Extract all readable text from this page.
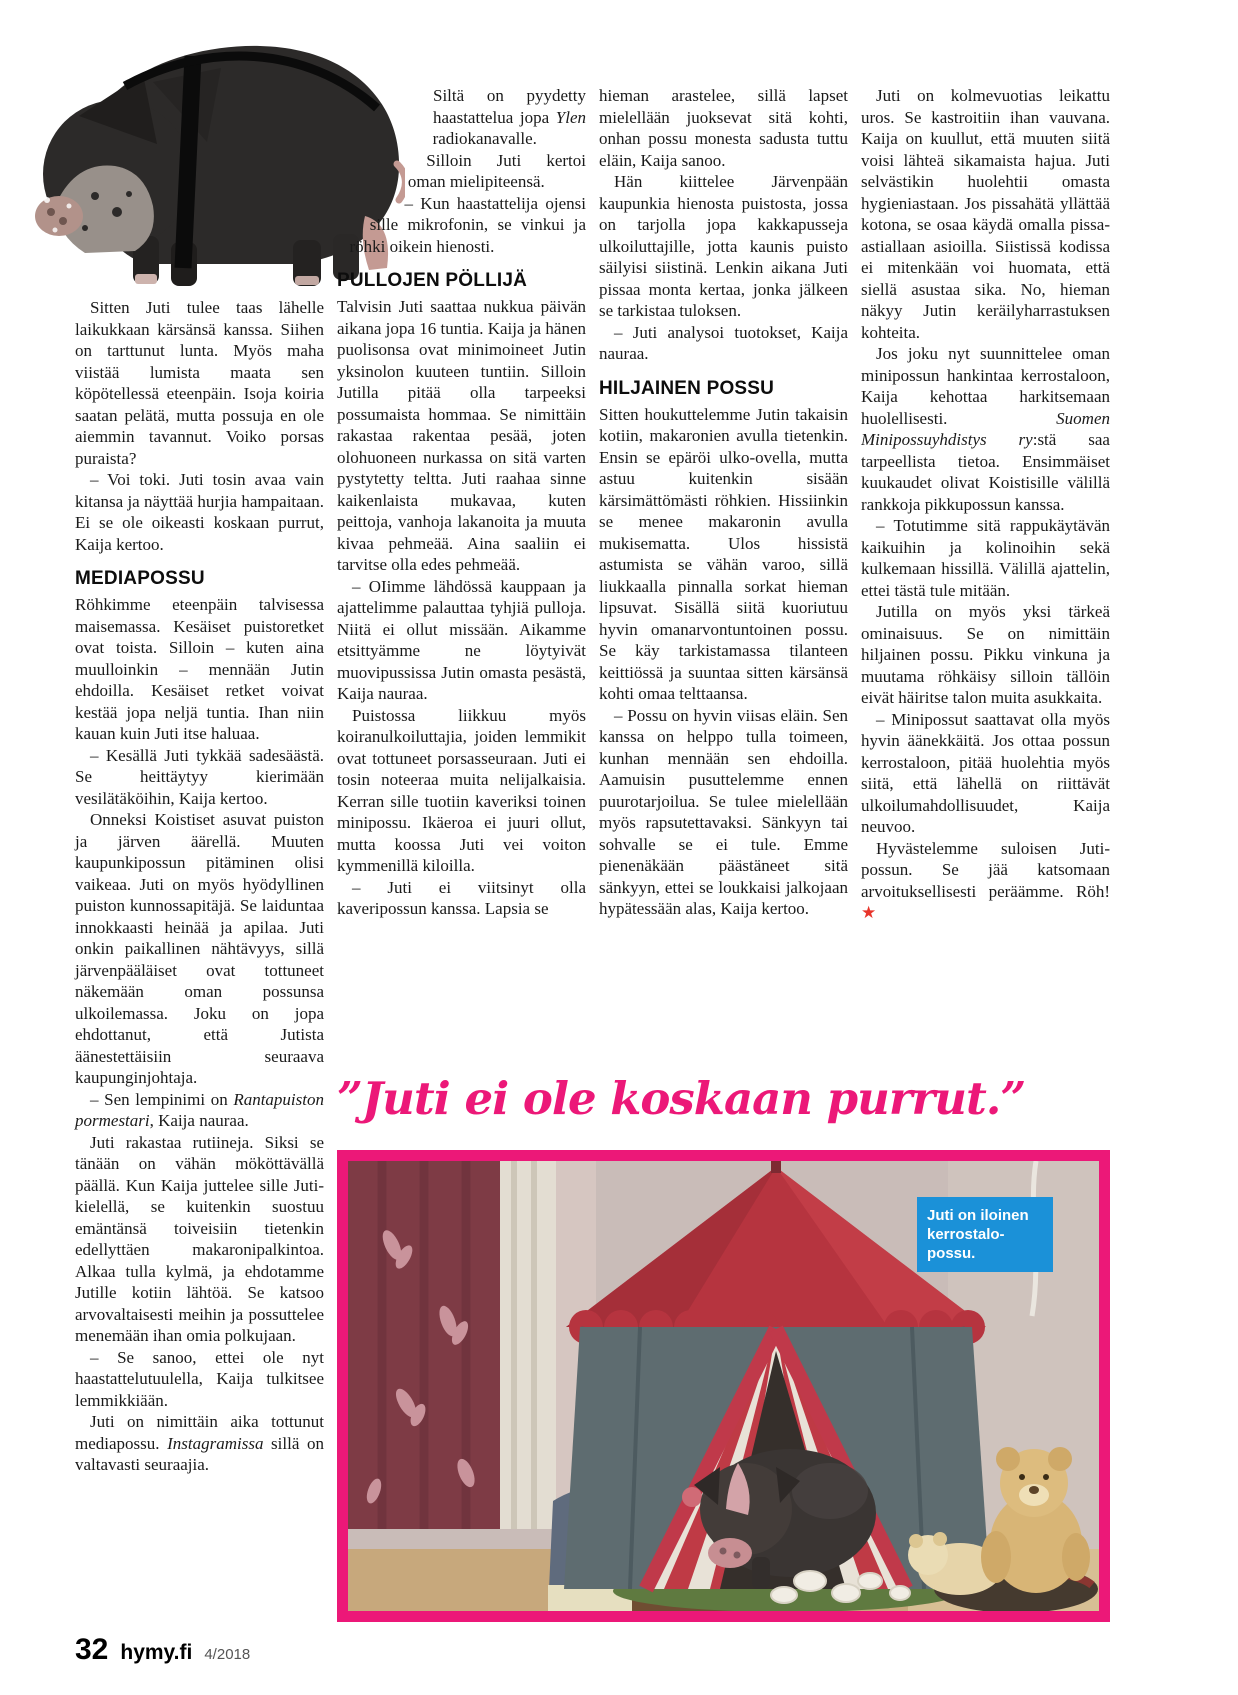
Sitten Juti tulee taas lähelle laikukkaan kärsänsä kanssa. Siihen on tarttunut lunta. Myös maha viistää lumista maata sen köpötellessä eteenpäin. Isoja koiria saatan pelätä, mutta possuja en ole aiemmin tavannut. Voiko porsas puraista?

– Voi toki. Juti tosin avaa vain kitansa ja näyttää hurjia hampaitaan. Ei se ole oikeasti koskaan purrut, Kaija kertoo.

MEDIAPOSSU

Röhkimme eteenpäin talvisessa maisemassa. Kesäiset puistoretket ovat toista. Silloin – kuten aina muulloinkin – mennään Jutin ehdoilla. Kesäiset retket voivat kestää jopa neljä tuntia. Ihan niin kauan kuin Juti itse haluaa.

– Kesällä Juti tykkää sadesäästä. Se heittäytyy kierimään vesilätäköihin, Kaija kertoo.

Onneksi Koistiset asuvat puiston ja järven äärellä. Muuten kaupunkipossun pitäminen olisi vaikeaa. Juti on myös hyödyllinen puiston kunnossapitäjä. Se laiduntaa innokkaasti heinää ja apilaa. Juti onkin paikallinen nähtävyys, sillä järvenpääläiset ovat tottuneet näkemään oman possunsa ulkoilemassa. Joku on jopa ehdottanut, että Jutista äänestettäisiin seuraava kaupunginjohtaja.

– Sen lempinimi on Rantapuiston pormestari, Kaija nauraa.

Juti rakastaa rutiineja. Siksi se tänään on vähän mököttävällä päällä. Kun Kaija juttelee sille Juti-kielellä, se kuitenkin suostuu emäntänsä toiveisiin tietenkin edellyttäen makaronipalkintoa. Alkaa tulla kylmä, ja ehdotamme Jutille kotiin lähtöä. Se katsoo arvovaltaisesti meihin ja possuttelee menemään ihan omia polkujaan.

– Se sanoo, ettei ole nyt haastattelutuulella, Kaija tulkitsee lemmikkiään.

Juti on nimittäin aika tottunut mediapossu. Instagramissa sillä on valtavasti seuraajia.

Siltä on pyydetty haastattelua jopa Ylen radiokanavalle. Silloin Juti kertoi oman mielipiteensä.

– Kun haastattelija ojensi sille mikrofonin, se vinkui ja röhki oikein hienosti.

PULLOJEN PÖLLIJÄ

Talvisin Juti saattaa nukkua päivän aikana jopa 16 tuntia. Kaija ja hänen puolisonsa ovat minimoineet Jutin yksinolon kuuteen tuntiin. Silloin Jutilla pitää olla tarpeeksi possumaista hommaa. Se nimittäin rakastaa rakentaa pesää, joten olohuoneen nurkassa on sitä varten pystytetty teltta. Juti raahaa sinne kaikenlaista mukavaa, kuten peittoja, vanhoja lakanoita ja muuta kivaa pehmeää. Aina saaliin ei tarvitse olla edes pehmeää.

– OIimme lähdössä kauppaan ja ajattelimme palauttaa tyhjiä pulloja. Niitä ei ollut missään. Aikamme etsittyämme ne löytyivät muovipussissa Jutin omasta pesästä, Kaija nauraa.

Puistossa liikkuu myös koiranulkoiluttajia, joiden lemmikit ovat tottuneet porsasseuraan. Juti ei tosin noteeraa muita nelijalkaisia. Kerran sille tuotiin kaveriksi toinen minipossu. Ikäeroa ei juuri ollut, mutta koossa Juti vei voiton kymmenillä kiloilla.

– Juti ei viitsinyt olla kaveripossun kanssa. Lapsia se

hieman arastelee, sillä lapset mielellään juoksevat sitä kohti, onhan possu monesta sadusta tuttu eläin, Kaija sanoo.

Hän kiittelee Järvenpään kaupunkia hienosta puistosta, jossa on tarjolla jopa kakkapusseja ulkoiluttajille, jotta kaunis puisto säilyisi siistinä. Lenkin aikana Juti pissaa monta kertaa, jonka jälkeen se tarkistaa tuloksen.

– Juti analysoi tuotokset, Kaija nauraa.

HILJAINEN POSSU

Sitten houkuttelemme Jutin takaisin kotiin, makaronien avulla tietenkin. Ensin se epäröi ulko-ovella, mutta astuu kuitenkin sisään kärsimättömästi röhkien. Hissiinkin se menee makaronin avulla mukisematta. Ulos hissistä astumista se vähän varoo, sillä liukkaalla pinnalla sorkat hieman lipsuvat. Sisällä siitä kuoriutuu hyvin omanarvontuntoinen possu. Se käy tarkistamassa tilanteen keittiössä ja suuntaa sitten kärsänsä kohti omaa telttaansa.

– Possu on hyvin viisas eläin. Sen kanssa on helppo tulla toimeen, kunhan mennään sen ehdoilla. Aamuisin pusuttelemme ennen puurotarjoilua. Se tulee mielellään myös rapsutettavaksi. Sänkyyn tai sohvalle se ei tule. Emme pienenäkään päästäneet sitä sänkyyn, ettei se loukkaisi jalkojaan hypätessään alas, Kaija kertoo.

Juti on kolmevuotias leikattu uros. Se kastroitiin ihan vauvana. Kaija on kuullut, että muuten siitä voisi lähteä sikamaista hajua. Juti selvästikin huolehtii omasta hygieniastaan. Jos pissahätä yllättää kotona, se osaa käydä omalla pissa-astiallaan asioilla. Siistissä kodissa ei mitenkään voi huomata, että siellä asustaa sika. No, hieman näkyy Jutin keräilyharrastuksen kohteita.

Jos joku nyt suunnittelee oman minipossun hankintaa kerrostaloon, Kaija kehottaa harkitsemaan huolellisesti. Suomen Minipossuyhdistys ry:stä saa tarpeellista tietoa. Ensimmäiset kuukaudet olivat Koistisille välillä rankkoja pikkupossun kanssa.

– Totutimme sitä rappukäytävän kaikuihin ja kolinoihin sekä kulkemaan hissillä. Välillä ajattelin, ettei tästä tule mitään.

Jutilla on myös yksi tärkeä ominaisuus. Se on nimittäin hiljainen possu. Pikku vinkuna ja muutama röhkäisy silloin tällöin eivät häiritse talon muita asukkaita.

– Minipossut saattavat olla myös hyvin äänekkäitä. Jos ottaa possun kerrostaloon, pitää huolehtia myös siitä, että lähellä on riittävät ulkoilumahdollisuudet, Kaija neuvoo.

Hyvästelemme suloisen Juti-possun. Se jää katsomaan arvoituksellisesti peräämme. Röh! ★

”Juti ei ole koskaan purrut.”
Juti on iloinen kerrostalo-possu.
32 hymy.fi 4/2018
